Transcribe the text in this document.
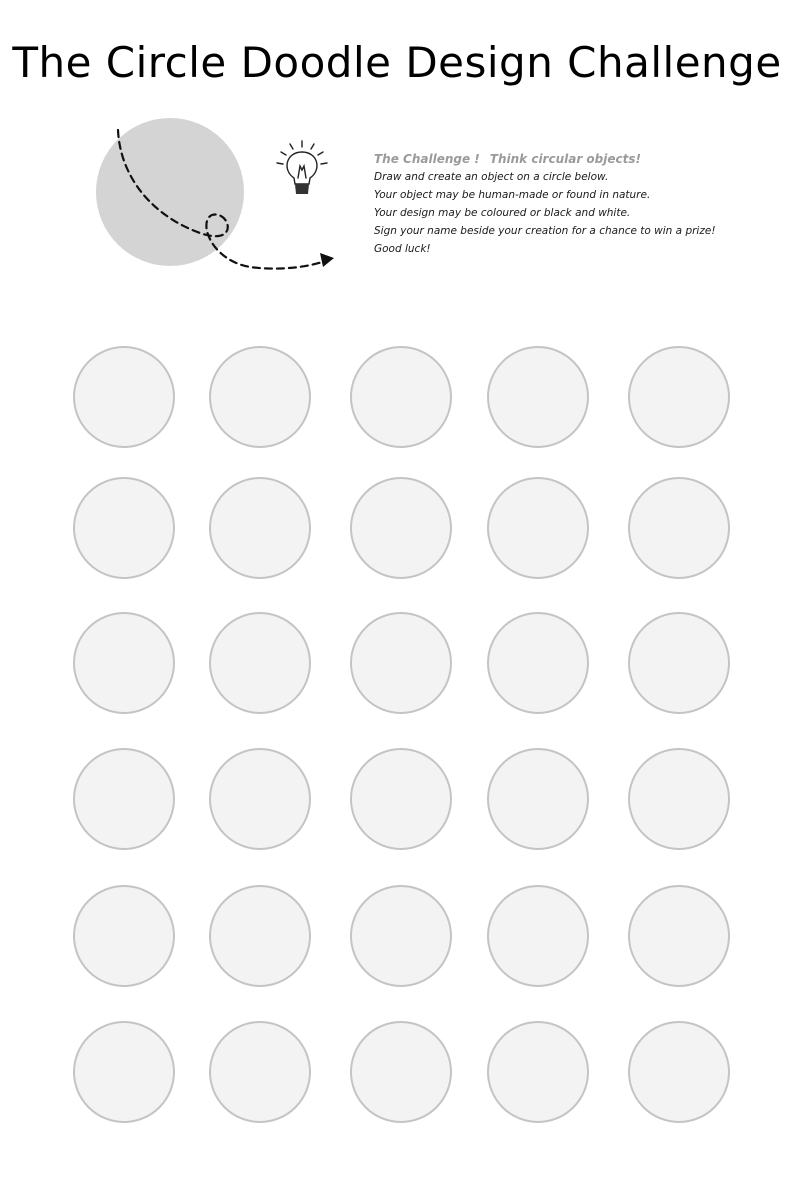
The Circle Doodle Design Challenge
The Challenge ! Think circular objects!
Draw and create an object on a circle below.
Your object may be human-made or found in nature.
Your design may be coloured or black and white.
Sign your name beside your creation for a chance to win a prize!
Good luck!
